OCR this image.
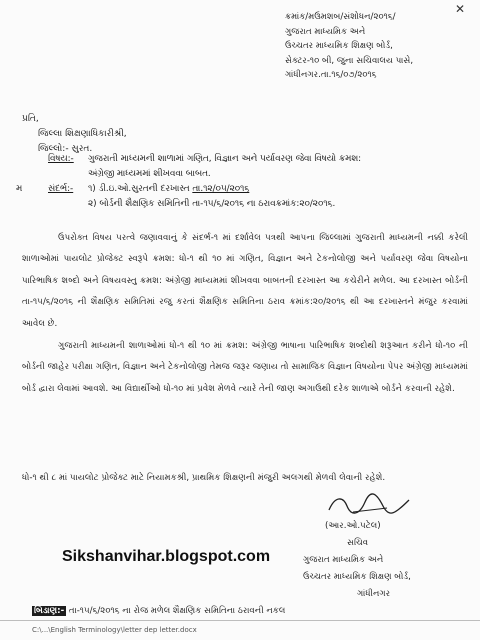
✕
ક્રમાંક/મઉમશબ/સંશોધન/૨૦૧૬/
ગુજરાત માધ્યમિક અને
ઉચ્ચતર માધ્યમિક શિક્ષણ બોર્ડ,
સેક્ટર-૧૦ બી, જુના સચિવાલય પાસે,
ગાંધીનગર.તા.૧૬/૦૭/૨૦૧૬
પ્રતિ,
જિલ્લા શિક્ષણાધિકારીશ્રી,
જિલ્લો:- સુરત.
મ
વિષય:- ગુજરાતી માધ્યમની શાળામાં ગણિત, વિજ્ઞાન અને પર્યાવરણ જેવા વિષયો ક્રમશ:
અંગ્રેજી માધ્યમમાં શીખવવા બાબત.
સંદર્ભ:- ૧) ડી.ઇ.ઓ.સુરતની દરખાસ્ત તા.૧૨/૦૫/૨૦૧૬
૨) બોર્ડની શૈક્ષણિક સમિતિની તા-૧૫/૬/૨૦૧૬ ના ઠરાવક્રમાંક:૨૦/૨૦૧૬.
ઉપરોક્ત વિષય પરત્વે જણાવવાનું કે સંદર્ભ-૧ માં દર્શાવેલ પત્રથી આપના જિલ્લામાં ગુજરાતી માધ્યમની નક્કી કરેલી શાળાઓમાં પાયલોટ પ્રોજેક્ટ સ્વરૂપે ક્રમશ: ધો-૧ થી ૧૦ માં ગણિત, વિજ્ઞાન અને ટેકનોલોજી અને પર્યાવરણ જેવા વિષયોના પારિભાષિક શબ્દો અને વિષયવસ્તુ ક્રમશ: અંગ્રેજી માધ્યમમાં શીખવવા બાબતની દરખાસ્ત આ કચેરીને મળેલ. આ દરખાસ્ત બોર્ડની તા-૧૫/૬/૨૦૧૬ ની શૈક્ષણિક સમિતિમાં રજુ કરતાં શૈક્ષણિક સમિતિના ઠરાવ ક્રમાંક:૨૦/૨૦૧૬ થી આ દરખાસ્તને મંજુર કરવામાં આવેલ છે.
ગુજરાતી માધ્યમની શાળાઓમાં ધો-૧ થી ૧૦ માં ક્રમશ: અંગ્રેજી ભાષાના પારિભાષિક શબ્દોથી શરૂઆત કરીને ધો-૧૦ ની બોર્ડની જાહેર પરીક્ષા ગણિત, વિજ્ઞાન અને ટેકનોલોજી તેમજ જરૂર જણાય તો સામાજિક વિજ્ઞાન વિષયોના પેપર અંગ્રેજી માધ્યમમાં બોર્ડ દ્વારા લેવામાં આવશે. આ વિદ્યાર્થીઓ ધો-૧૦ માં પ્રવેશ મેળવે ત્યારે તેની જાણ અગાઉથી દરેક શાળાએ બોર્ડને કરવાની રહેશે.
ધો-૧ થી ૮ માં પાયલોટ પ્રોજેક્ટ માટે નિયામકશ્રી, પ્રાથમિક શિક્ષણની મંજુરી અલગથી મેળવી લેવાની રહેશે.
(આર.ઓ.પટેલ)
સચિવ
ગુજરાત માધ્યમિક અને
ઉચ્ચતર માધ્યમિક શિક્ષણ બોર્ડ,
ગાંધીનગર
Sikshanvihar.blogspot.com
બિડાણ:- તા-૧૫/૬/૨૦૧૬ ના રોજ મળેલ શૈક્ષણિક સમિતિના ઠરાવની નકલ
C:\...\English Terminology\letter dep letter.docx
